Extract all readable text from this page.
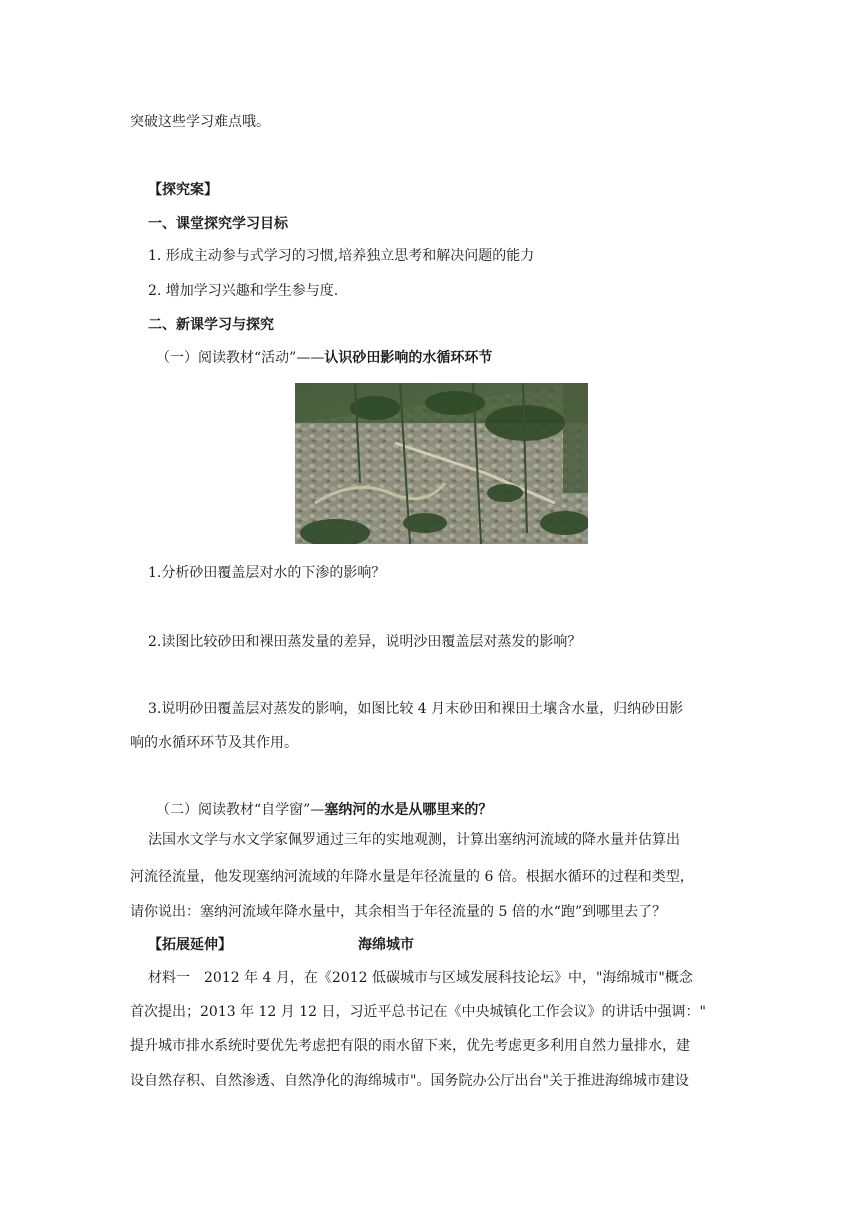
突破这些学习难点哦。
【探究案】
一、课堂探究学习目标
1. 形成主动参与式学习的习惯,培养独立思考和解决问题的能力
2. 增加学习兴趣和学生参与度.
二、新课学习与探究
（一）阅读教材“活动”——认识砂田影响的水循环环节
1.分析砂田覆盖层对水的下渗的影响？
2.读图比较砂田和裸田蒸发量的差异，说明沙田覆盖层对蒸发的影响？
3.说明砂田覆盖层对蒸发的影响，如图比较 4 月末砂田和裸田土壤含水量，归纳砂田影
响的水循环环节及其作用。
（二）阅读教材“自学窗”—塞纳河的水是从哪里来的？
法国水文学与水文学家佩罗通过三年的实地观测，计算出塞纳河流域的降水量并估算出
河流径流量，他发现塞纳河流域的年降水量是年径流量的 6 倍。根据水循环的过程和类型，
请你说出：塞纳河流域年降水量中，其余相当于年径流量的 5 倍的水“跑”到哪里去了？
【拓展延伸】	海绵城市
材料一　2012 年 4 月，在《2012 低碳城市与区域发展科技论坛》中，"海绵城市"概念
首次提出；2013 年 12 月 12 日，习近平总书记在《中央城镇化工作会议》的讲话中强调："
提升城市排水系统时要优先考虑把有限的雨水留下来，优先考虑更多利用自然力量排水，建
设自然存积、自然渗透、自然净化的海绵城市"。国务院办公厅出台"关于推进海绵城市建设
